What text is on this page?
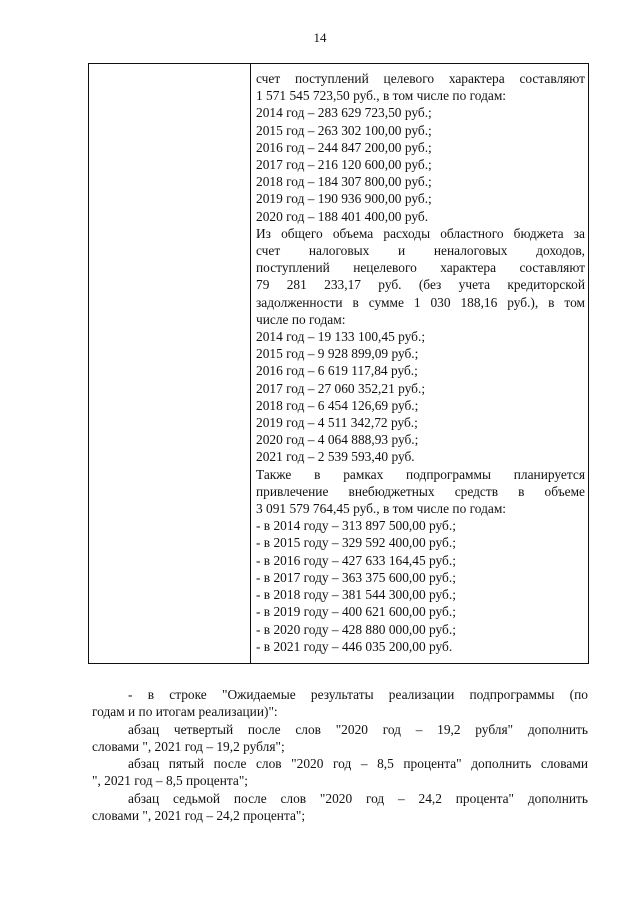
14
счет поступлений целевого характера составляют
1 571 545 723,50 руб., в том числе по годам:
2014 год – 283 629 723,50 руб.;
2015 год – 263 302 100,00 руб.;
2016 год – 244 847 200,00 руб.;
2017 год – 216 120 600,00 руб.;
2018 год – 184 307 800,00 руб.;
2019 год – 190 936 900,00 руб.;
2020 год – 188 401 400,00 руб.
Из общего объема расходы областного бюджета за
счет налоговых и неналоговых доходов,
поступлений нецелевого характера составляют
79 281 233,17 руб. (без учета кредиторской
задолженности в сумме 1 030 188,16 руб.), в том
числе по годам:
2014 год – 19 133 100,45 руб.;
2015 год – 9 928 899,09 руб.;
2016 год – 6 619 117,84 руб.;
2017 год – 27 060 352,21 руб.;
2018 год – 6 454 126,69 руб.;
2019 год – 4 511 342,72 руб.;
2020 год – 4 064 888,93 руб.;
2021 год – 2 539 593,40 руб.
Также в рамках подпрограммы планируется
привлечение внебюджетных средств в объеме
3 091 579 764,45 руб., в том числе по годам:
- в 2014 году – 313 897 500,00 руб.;
- в 2015 году – 329 592 400,00 руб.;
- в 2016 году – 427 633 164,45 руб.;
- в 2017 году – 363 375 600,00 руб.;
- в 2018 году – 381 544 300,00 руб.;
- в 2019 году – 400 621 600,00 руб.;
- в 2020 году – 428 880 000,00 руб.;
- в 2021 году – 446 035 200,00 руб.
- в строке "Ожидаемые результаты реализации подпрограммы (по
годам и по итогам реализации)":
абзац четвертый после слов "2020 год – 19,2 рубля" дополнить
словами ", 2021 год – 19,2 рубля";
абзац пятый после слов "2020 год – 8,5 процента" дополнить словами
", 2021 год – 8,5 процента";
абзац седьмой после слов "2020 год – 24,2 процента" дополнить
словами ", 2021 год – 24,2 процента";
